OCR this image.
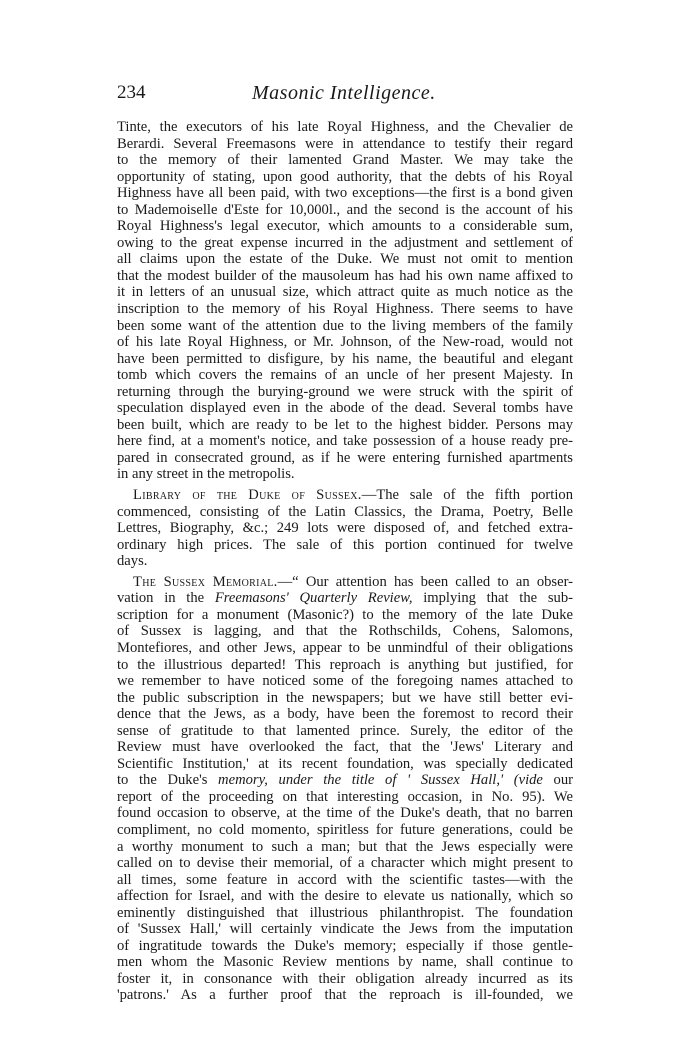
234	Masonic Intelligence.
Tinte, the executors of his late Royal Highness, and the Chevalier de
Berardi. Several Freemasons were in attendance to testify their regard
to the memory of their lamented Grand Master. We may take the
opportunity of stating, upon good authority, that the debts of his Royal
Highness have all been paid, with two exceptions—the first is a bond given
to Mademoiselle d'Este for 10,000l., and the second is the account of his
Royal Highness's legal executor, which amounts to a considerable sum,
owing to the great expense incurred in the adjustment and settlement of
all claims upon the estate of the Duke. We must not omit to mention
that the modest builder of the mausoleum has had his own name affixed to
it in letters of an unusual size, which attract quite as much notice as the
inscription to the memory of his Royal Highness. There seems to have
been some want of the attention due to the living members of the family
of his late Royal Highness, or Mr. Johnson, of the New-road, would not
have been permitted to disfigure, by his name, the beautiful and elegant
tomb which covers the remains of an uncle of her present Majesty. In
returning through the burying-ground we were struck with the spirit of
speculation displayed even in the abode of the dead. Several tombs have
been built, which are ready to be let to the highest bidder. Persons may
here find, at a moment's notice, and take possession of a house ready pre-
pared in consecrated ground, as if he were entering furnished apartments
in any street in the metropolis.
Library of the Duke of Sussex.—The sale of the fifth portion
commenced, consisting of the Latin Classics, the Drama, Poetry, Belle
Lettres, Biography, &c.; 249 lots were disposed of, and fetched extra-
ordinary high prices. The sale of this portion continued for twelve
days.
The Sussex Memorial.—“ Our attention has been called to an obser-
vation in the Freemasons' Quarterly Review, implying that the sub-
scription for a monument (Masonic?) to the memory of the late Duke
of Sussex is lagging, and that the Rothschilds, Cohens, Salomons,
Montefiores, and other Jews, appear to be unmindful of their obligations
to the illustrious departed! This reproach is anything but justified, for
we remember to have noticed some of the foregoing names attached to
the public subscription in the newspapers; but we have still better evi-
dence that the Jews, as a body, have been the foremost to record their
sense of gratitude to that lamented prince. Surely, the editor of the
Review must have overlooked the fact, that the 'Jews' Literary and
Scientific Institution,' at its recent foundation, was specially dedicated
to the Duke's memory, under the title of ' Sussex Hall,' (vide our
report of the proceeding on that interesting occasion, in No. 95). We
found occasion to observe, at the time of the Duke's death, that no barren
compliment, no cold momento, spiritless for future generations, could be
a worthy monument to such a man; but that the Jews especially were
called on to devise their memorial, of a character which might present to
all times, some feature in accord with the scientific tastes—with the
affection for Israel, and with the desire to elevate us nationally, which so
eminently distinguished that illustrious philanthropist. The foundation
of 'Sussex Hall,' will certainly vindicate the Jews from the imputation
of ingratitude towards the Duke's memory; especially if those gentle-
men whom the Masonic Review mentions by name, shall continue to
foster it, in consonance with their obligation already incurred as its
'patrons.' As a further proof that the reproach is ill-founded, we
